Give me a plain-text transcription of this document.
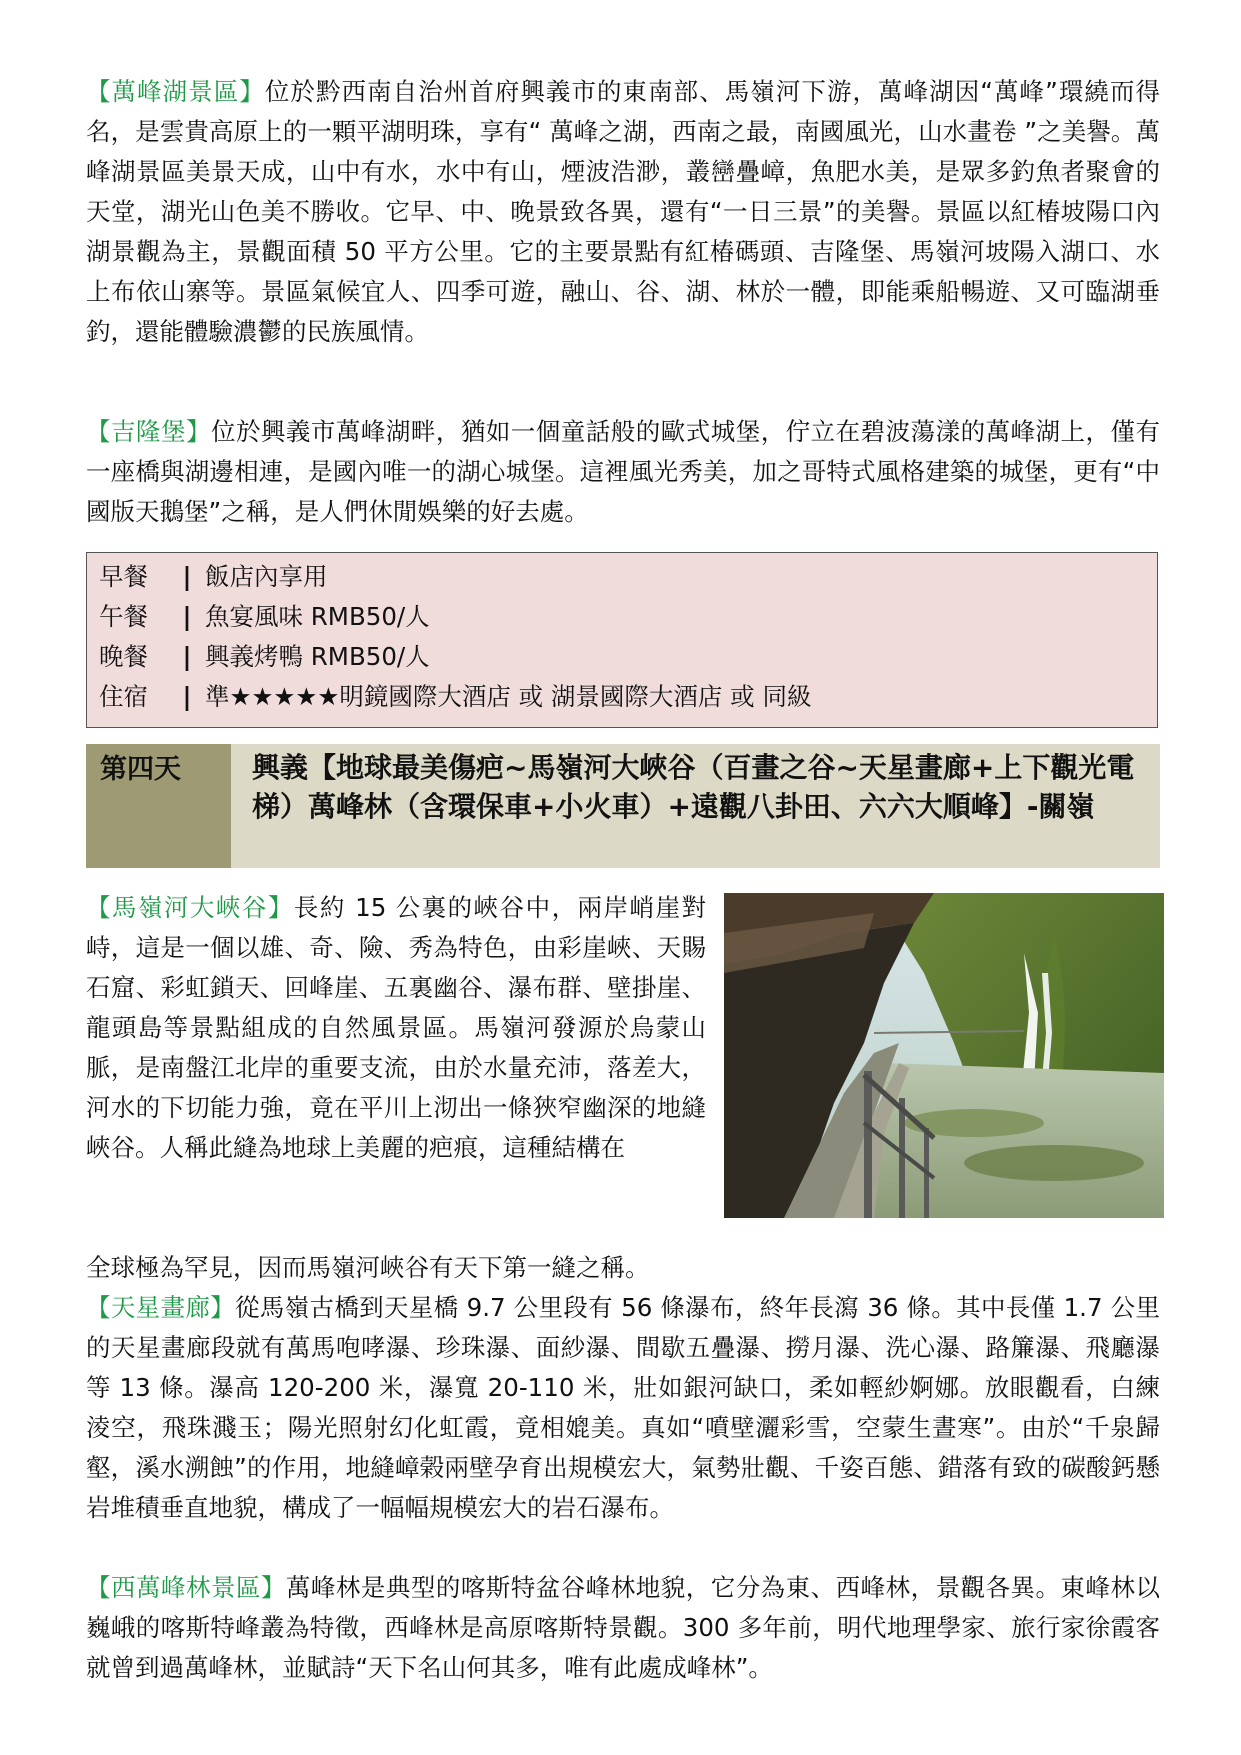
【萬峰湖景區】位於黔西南自治州首府興義市的東南部、馬嶺河下游，萬峰湖因“萬峰”環繞而得名，是雲貴高原上的一顆平湖明珠，享有“ 萬峰之湖，西南之最，南國風光，山水畫卷 ”之美譽。萬峰湖景區美景天成，山中有水，水中有山，煙波浩渺，叢巒疊嶂，魚肥水美，是眾多釣魚者聚會的天堂，湖光山色美不勝收。它早、中、晚景致各異，還有“一日三景”的美譽。景區以紅椿坡陽口內湖景觀為主，景觀面積 50 平方公里。它的主要景點有紅椿碼頭、吉隆堡、馬嶺河坡陽入湖口、水上布依山寨等。景區氣候宜人、四季可遊，融山、谷、湖、林於一體，即能乘船暢遊、又可臨湖垂釣，還能體驗濃鬱的民族風情。

【吉隆堡】位於興義市萬峰湖畔，猶如一個童話般的歐式城堡，佇立在碧波蕩漾的萬峰湖上，僅有一座橋與湖邊相連，是國內唯一的湖心城堡。這裡風光秀美，加之哥特式風格建築的城堡，更有“中國版天鵝堡”之稱，是人們休閒娛樂的好去處。

早餐 | 飯店內享用
午餐 | 魚宴風味 RMB50/人
晚餐 | 興義烤鴨 RMB50/人
住宿 | 準★★★★★明鏡國際大酒店 或 湖景國際大酒店 或 同級
第四天	興義【地球最美傷疤~馬嶺河大峽谷（百畫之谷~天星畫廊+上下觀光電梯）萬峰林（含環保車+小火車）+遠觀八卦田、六六大順峰】-關嶺

【馬嶺河大峽谷】長約 15 公裏的峽谷中，兩岸峭崖對峙，這是一個以雄、奇、險、秀為特色，由彩崖峽、天賜石窟、彩虹鎖天、回峰崖、五裏幽谷、瀑布群、壁掛崖、龍頭島等景點組成的自然風景區。馬嶺河發源於烏蒙山脈，是南盤江北岸的重要支流，由於水量充沛，落差大，河水的下切能力強，竟在平川上沏出一條狹窄幽深的地縫峽谷。人稱此縫為地球上美麗的疤痕，這種結構在

全球極為罕見，因而馬嶺河峽谷有天下第一縫之稱。

【天星畫廊】從馬嶺古橋到天星橋 9.7 公里段有 56 條瀑布，終年長瀉 36 條。其中長僅 1.7 公里的天星畫廊段就有萬馬咆哮瀑、珍珠瀑、面紗瀑、間歇五疊瀑、撈月瀑、洗心瀑、路簾瀑、飛廳瀑等 13 條。瀑高 120-200 米，瀑寬 20-110 米，壯如銀河缺口，柔如輕紗婀娜。放眼觀看，白練淩空，飛珠濺玉；陽光照射幻化虹霞，竟相媲美。真如“噴壁灑彩雪，空蒙生晝寒”。由於“千泉歸壑，溪水溯蝕”的作用，地縫嶂榖兩壁孕育出規模宏大，氣勢壯觀、千姿百態、錯落有致的碳酸鈣懸岩堆積垂直地貌，構成了一幅幅規模宏大的岩石瀑布。

【西萬峰林景區】萬峰林是典型的喀斯特盆谷峰林地貌，它分為東、西峰林，景觀各異。東峰林以巍峨的喀斯特峰叢為特徵，西峰林是高原喀斯特景觀。300 多年前，明代地理學家、旅行家徐霞客就曾到過萬峰林，並賦詩“天下名山何其多，唯有此處成峰林”。
